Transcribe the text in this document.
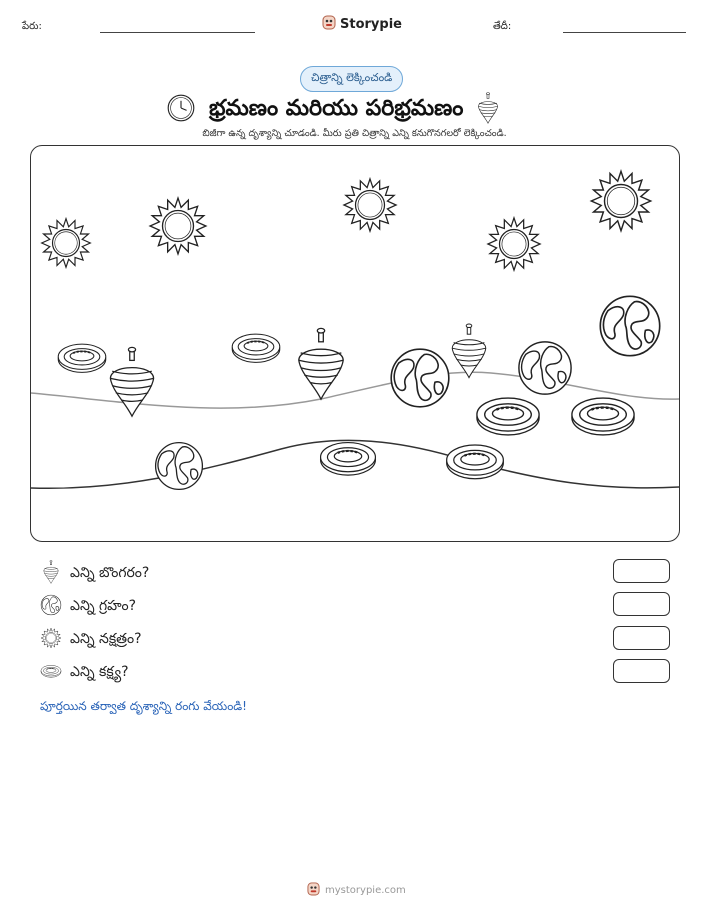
పేరు:	Storypie	తేదీ:
చిత్రాన్ని లెక్కించండి
భ్రమణం మరియు పరిభ్రమణం
బిజీగా ఉన్న దృశ్యాన్ని చూడండి. మీరు ప్రతి చిత్రాన్ని ఎన్ని కనుగొనగలరో లెక్కించండి.
ఎన్ని బొంగరం?
ఎన్ని గ్రహం?
ఎన్ని నక్షత్రం?
ఎన్ని కక్ష్య?
పూర్తయిన తర్వాత దృశ్యాన్ని రంగు వేయండి!
mystorypie.com
